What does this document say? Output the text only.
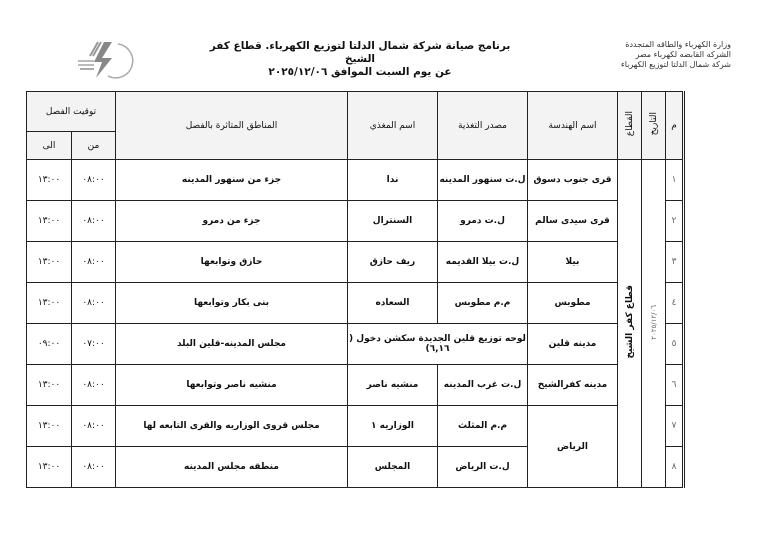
وزارة الكهرباء والطاقه المتجددة
الشركه القابضه لكهرباء مصر
شركة شمال الدلتا لتوزيع الكهرباء
برنامج صيانة شركة شمال الدلتا لتوزيع الكهرباء. قطاع كفر الشيخ
عن يوم السبت الموافق ٢٠٢٥/١٢/٠٦
توقيت الفصل		المناطق المتاثرة بالفصل	اسم المغذي	مصدر التغذية	اسم الهندسة	القطاع	التاريخ	م
الى	من							
١٣:٠٠	٠٨:٠٠	جزء من سنهور المدينه	ندا	ل.ت سنهور المدينه	قرى جنوب دسوق	قطاع كفر الشيخ	٢٠٢٥/١٢/٠٦	١
١٣:٠٠	٠٨:٠٠	جزء من دمرو	السنترال	ل.ت دمرو	قرى سيدى سالم			٢
١٣:٠٠	٠٨:٠٠	حازق وتوابعها	ريف حازق	ل.ت بيلا القديمه	بيلا			٣
١٣:٠٠	٠٨:٠٠	بنى بكار وتوابعها	السعاده	م.م مطوبس	مطوبس			٤
٠٩:٠٠	٠٧:٠٠	مجلس المدينه-قلين البلد	لوحه توزيع قلين الجديدة سكشن دخول ( ٦,١٦)		مدينه قلين			٥
١٣:٠٠	٠٨:٠٠	منشيه ناصر وتوابعها	منشيه ناصر	ل.ت غرب المدينه	مدينه كفرالشيخ			٦
١٣:٠٠	٠٨:٠٠	مجلس قروى الوزاريه والقرى التابعه لها	الوزاريه ١	م.م المثلث	الرياض			٧
١٣:٠٠	٠٨:٠٠	منطقه مجلس المدينه	المجلس	ل.ت الرياض				٨
